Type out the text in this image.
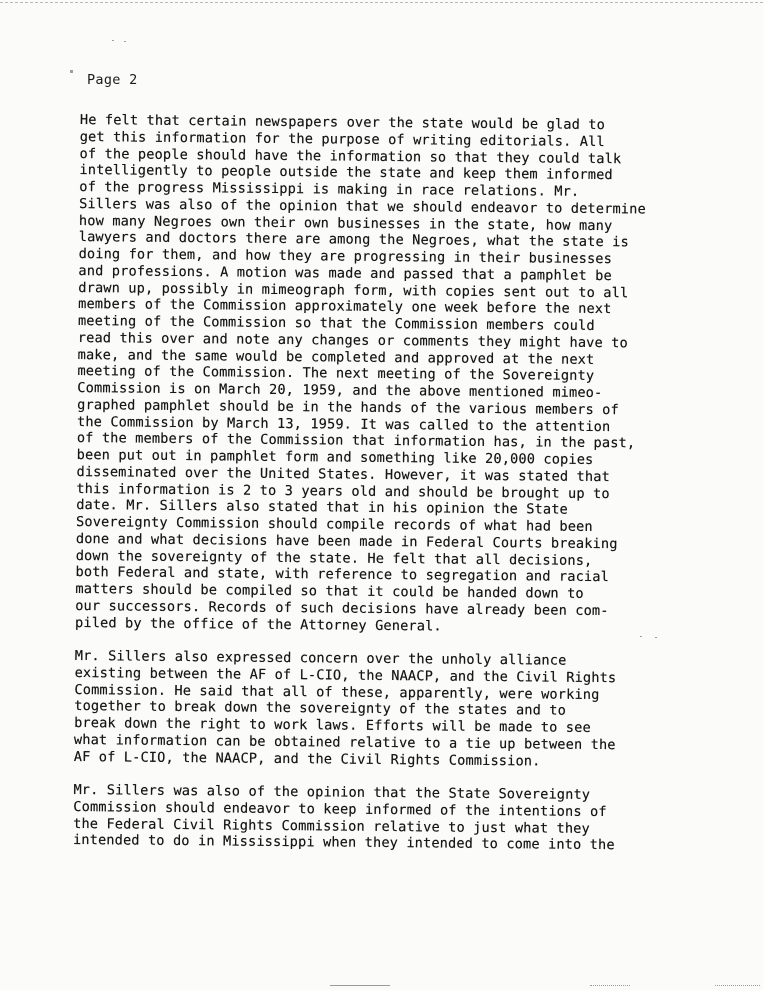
Page 2
He felt that certain newspapers over the state would be glad to
get this information for the purpose of writing editorials. All
of the people should have the information so that they could talk
intelligently to people outside the state and keep them informed
of the progress Mississippi is making in race relations. Mr.
Sillers was also of the opinion that we should endeavor to determine
how many Negroes own their own businesses in the state, how many
lawyers and doctors there are among the Negroes, what the state is
doing for them, and how they are progressing in their businesses
and professions. A motion was made and passed that a pamphlet be
drawn up, possibly in mimeograph form, with copies sent out to all
members of the Commission approximately one week before the next
meeting of the Commission so that the Commission members could
read this over and note any changes or comments they might have to
make, and the same would be completed and approved at the next
meeting of the Commission. The next meeting of the Sovereignty
Commission is on March 20, 1959, and the above mentioned mimeo-
graphed pamphlet should be in the hands of the various members of
the Commission by March 13, 1959. It was called to the attention
of the members of the Commission that information has, in the past,
been put out in pamphlet form and something like 20,000 copies
disseminated over the United States. However, it was stated that
this information is 2 to 3 years old and should be brought up to
date. Mr. Sillers also stated that in his opinion the State
Sovereignty Commission should compile records of what had been
done and what decisions have been made in Federal Courts breaking
down the sovereignty of the state. He felt that all decisions,
both Federal and state, with reference to segregation and racial
matters should be compiled so that it could be handed down to
our successors. Records of such decisions have already been com-
piled by the office of the Attorney General.
Mr. Sillers also expressed concern over the unholy alliance
existing between the AF of L-CIO, the NAACP, and the Civil Rights
Commission. He said that all of these, apparently, were working
together to break down the sovereignty of the states and to
break down the right to work laws. Efforts will be made to see
what information can be obtained relative to a tie up between the
AF of L-CIO, the NAACP, and the Civil Rights Commission.
Mr. Sillers was also of the opinion that the State Sovereignty
Commission should endeavor to keep informed of the intentions of
the Federal Civil Rights Commission relative to just what they
intended to do in Mississippi when they intended to come into the
